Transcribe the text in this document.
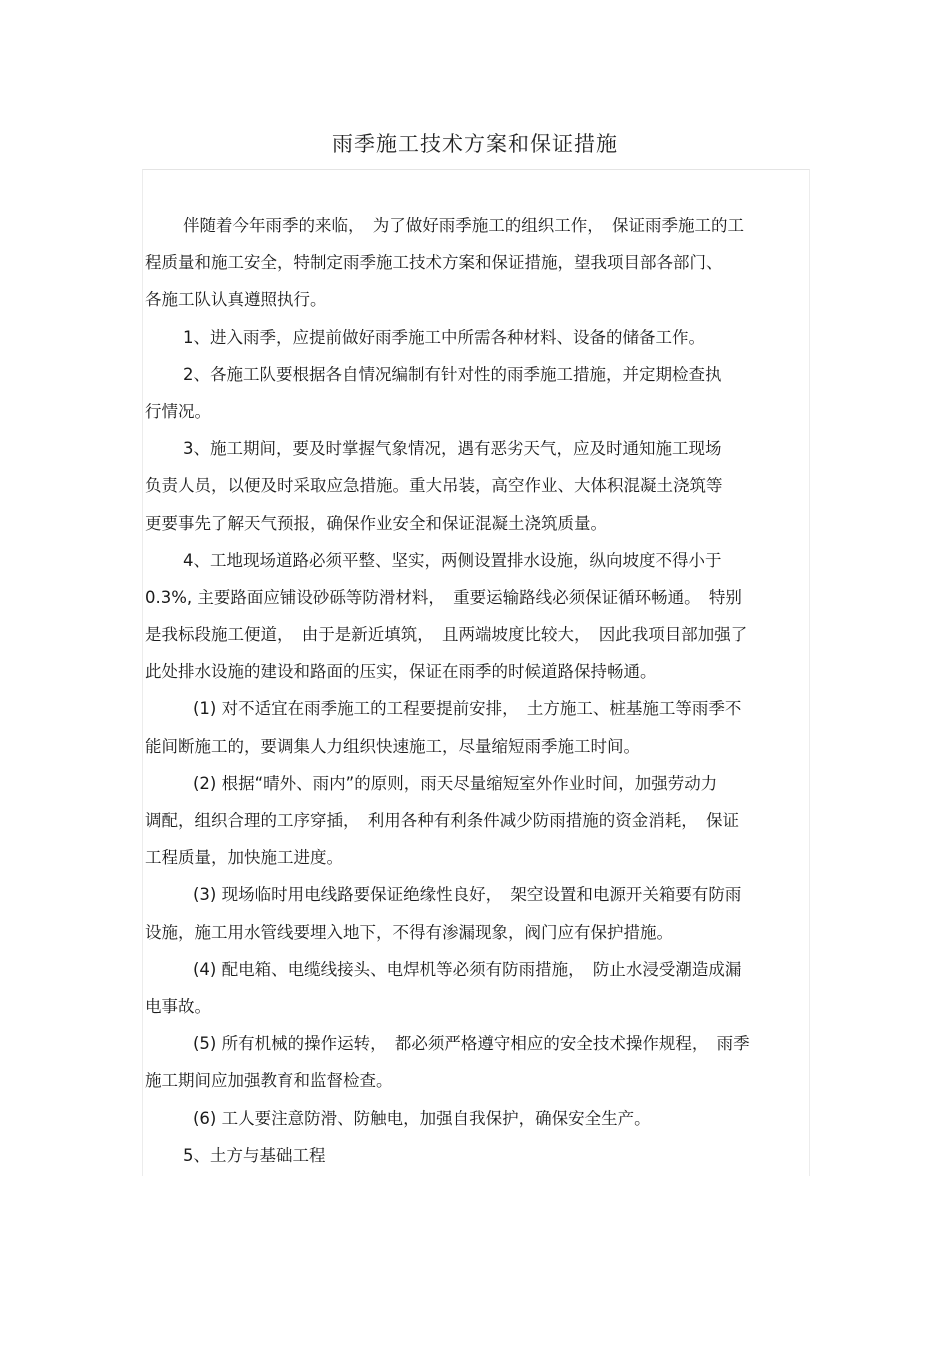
雨季施工技术方案和保证措施
伴随着今年雨季的来临，　为了做好雨季施工的组织工作，　保证雨季施工的工
程质量和施工安全，特制定雨季施工技术方案和保证措施，望我项目部各部门、
各施工队认真遵照执行。
1、进入雨季，应提前做好雨季施工中所需各种材料、设备的储备工作。
2、各施工队要根据各自情况编制有针对性的雨季施工措施，并定期检查执
行情况。
3、施工期间，要及时掌握气象情况，遇有恶劣天气，应及时通知施工现场
负责人员，以便及时采取应急措施。重大吊装，高空作业、大体积混凝土浇筑等
更要事先了解天气预报，确保作业安全和保证混凝土浇筑质量。
4、工地现场道路必须平整、坚实，两侧设置排水设施，纵向坡度不得小于
0.3%, 主要路面应铺设砂砾等防滑材料，　重要运输路线必须保证循环畅通。　特别
是我标段施工便道，　由于是新近填筑，　且两端坡度比较大，　因此我项目部加强了
此处排水设施的建设和路面的压实，保证在雨季的时候道路保持畅通。
(1) 对不适宜在雨季施工的工程要提前安排，　土方施工、桩基施工等雨季不
能间断施工的，要调集人力组织快速施工，尽量缩短雨季施工时间。
(2) 根据“晴外、雨内”的原则，雨天尽量缩短室外作业时间，加强劳动力
调配，组织合理的工序穿插，　利用各种有利条件减少防雨措施的资金消耗，　保证
工程质量，加快施工进度。
(3) 现场临时用电线路要保证绝缘性良好，　架空设置和电源开关箱要有防雨
设施，施工用水管线要埋入地下，不得有渗漏现象，阀门应有保护措施。
(4) 配电箱、电缆线接头、电焊机等必须有防雨措施，　防止水浸受潮造成漏
电事故。
(5) 所有机械的操作运转，　都必须严格遵守相应的安全技术操作规程，　雨季
施工期间应加强教育和监督检查。
(6) 工人要注意防滑、防触电，加强自我保护，确保安全生产。
5、土方与基础工程
